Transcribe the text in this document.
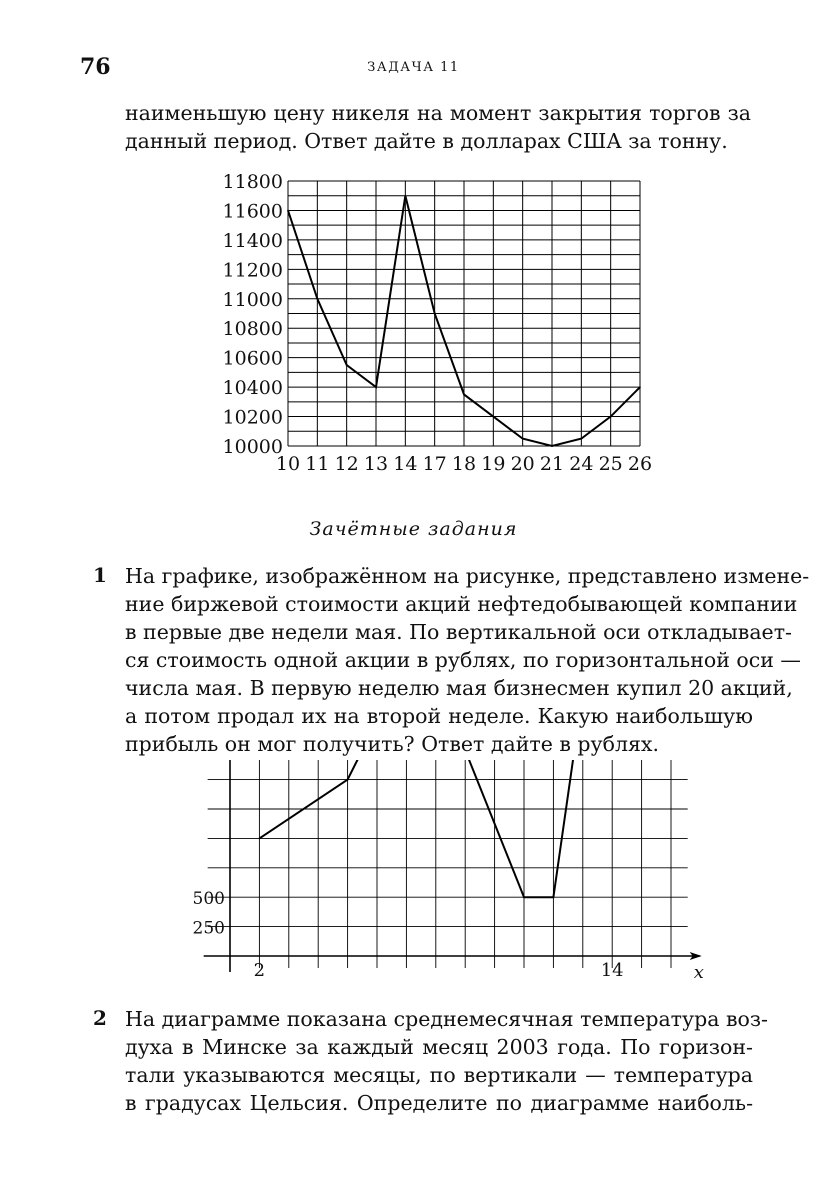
76	ЗАДАЧА 11
наименьшую цену никеля на момент закрытия торгов за
данный период. Ответ дайте в долларах США за тонну.
10000
10200
10400
10600
10800
11000
11200
11400
11600
11800
10 11 12 13 14 17 18 19 20 21 24 25 26
Зачётные задания
1 На графике, изображённом на рисунке, представлено измене-
ние биржевой стоимости акций нефтедобывающей компании
в первые две недели мая. По вертикальной оси откладывает-
ся стоимость одной акции в рублях, по горизонтальной оси —
числа мая. В первую неделю мая бизнесмен купил 20 акций,
а потом продал их на второй неделе. Какую наибольшую
прибыль он мог получить? Ответ дайте в рублях.
x
2	14
500
250
2 На диаграмме показана среднемесячная температура воз-
духа в Минске за каждый месяц 2003 года. По горизон-
тали указываются месяцы, по вертикали — температура
в градусах Цельсия. Определите по диаграмме наиболь-
